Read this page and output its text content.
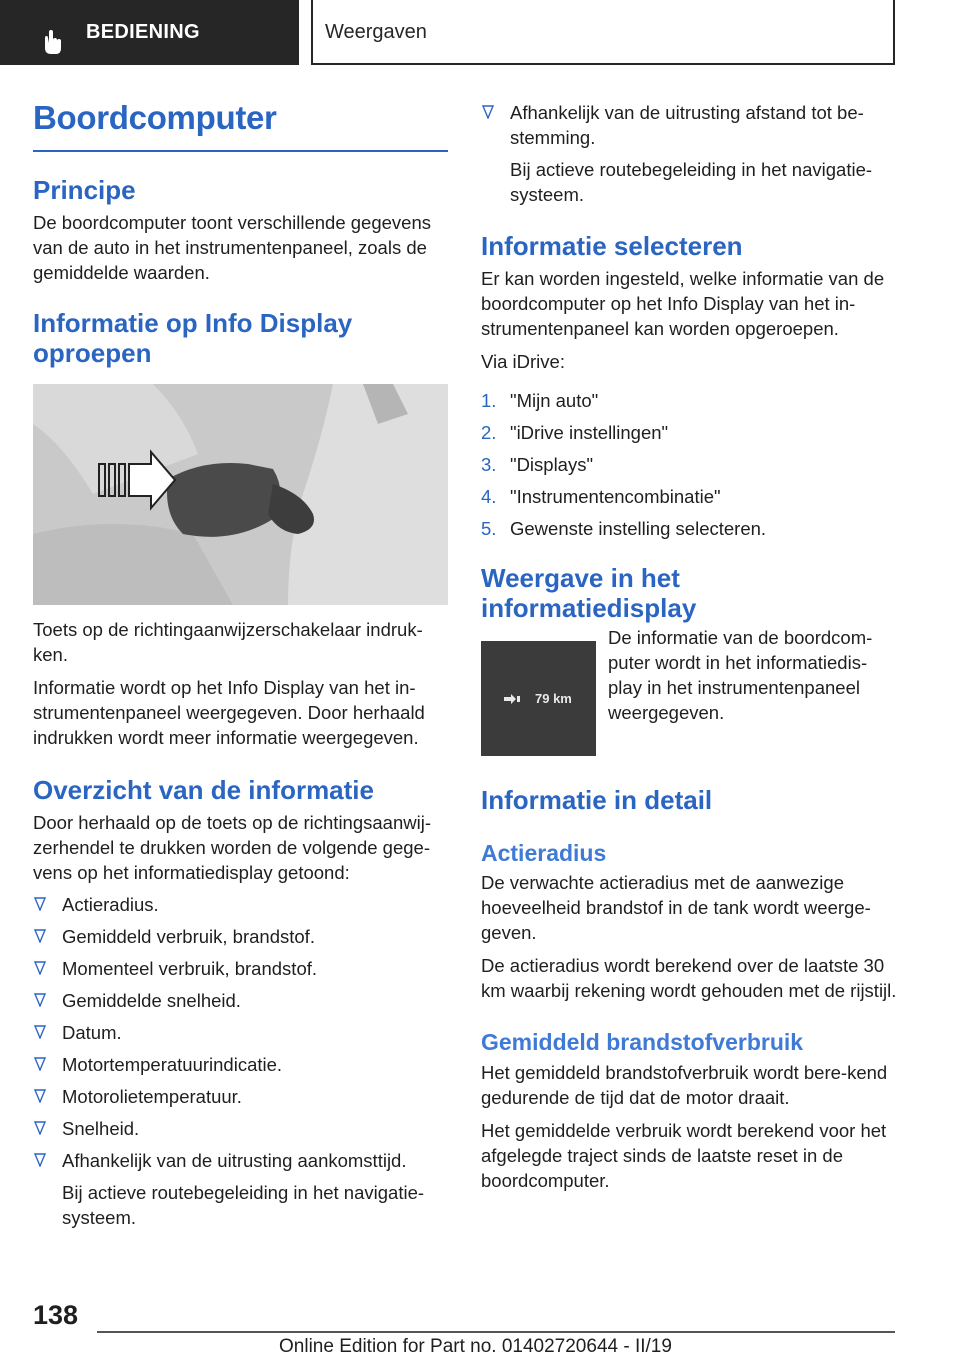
BEDIENING	Weergaven
Boordcomputer
Principe

De boordcomputer toont verschillende gegevens van de auto in het instrumentenpaneel, zoals de gemiddelde waarden.

Informatie op Info Display oproepen

Toets op de richtingaanwijzerschakelaar indruk-ken.

Informatie wordt op het Info Display van het in-strumentenpaneel weergegeven. Door herhaald indrukken wordt meer informatie weergegeven.

Overzicht van de informatie

Door herhaald op de toets op de richtingsaanwij-zerhendel te drukken worden de volgende gege-vens op het informatiedisplay getoond:

Actieradius.
Gemiddeld verbruik, brandstof.
Momenteel verbruik, brandstof.
Gemiddelde snelheid.
Datum.
Motortemperatuurindicatie.
Motorolietemperatuur.
Snelheid.
Afhankelijk van de uitrusting aankomsttijd.
Bij actieve routebegeleiding in het navigatie-systeem.
Afhankelijk van de uitrusting afstand tot be-stemming.
Bij actieve routebegeleiding in het navigatie-systeem.
Informatie selecteren

Er kan worden ingesteld, welke informatie van de boordcomputer op het Info Display van het in-strumentenpaneel kan worden opgeroepen.

Via iDrive:

1. "Mijn auto"
2. "iDrive instellingen"
3. "Displays"
4. "Instrumentencombinatie"
5. Gewenste instelling selecteren.
Weergave in het informatiedisplay
79 km

De informatie van de boordcom-puter wordt in het informatiedis-play in het instrumentenpaneel weergegeven.

Informatie in detail
Actieradius

De verwachte actieradius met de aanwezige hoeveelheid brandstof in de tank wordt weerge-geven.

De actieradius wordt berekend over de laatste 30 km waarbij rekening wordt gehouden met de rijstijl.

Gemiddeld brandstofverbruik

Het gemiddeld brandstofverbruik wordt bere-kend gedurende de tijd dat de motor draait.

Het gemiddelde verbruik wordt berekend voor het afgelegde traject sinds de laatste reset in de boordcomputer.

138
Online Edition for Part no. 01402720644 - II/19
